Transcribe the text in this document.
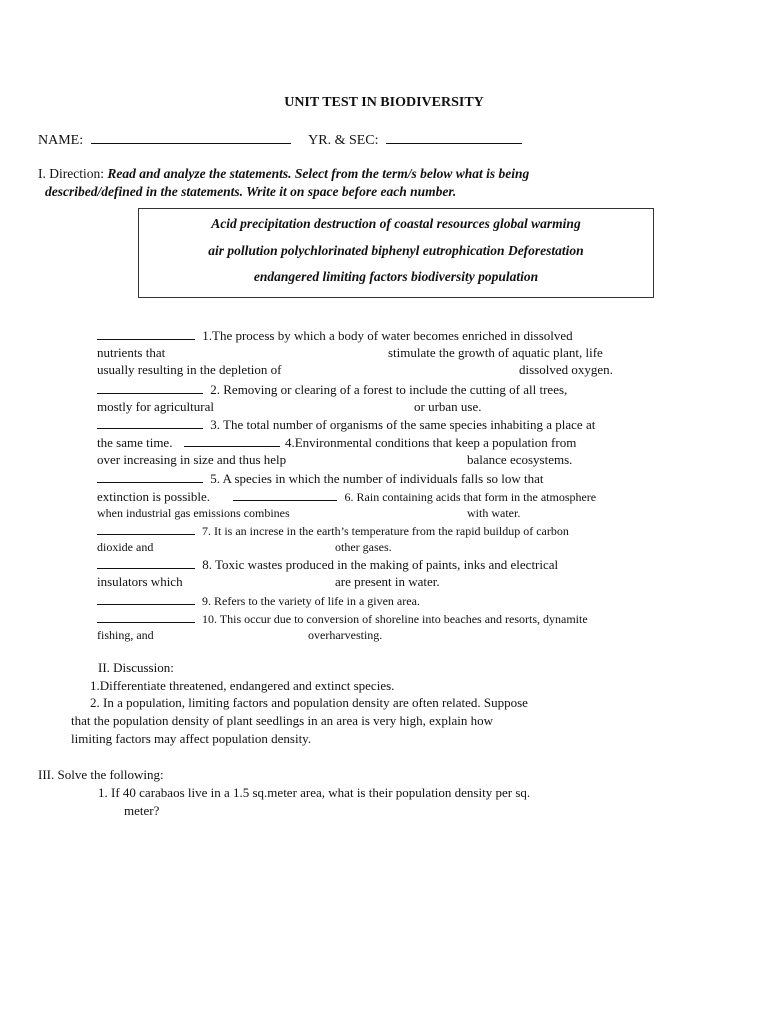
UNIT TEST IN BIODIVERSITY
NAME:	YR. & SEC:
I. Direction: Read and analyze the statements. Select from the term/s below what is being
described/defined in the statements. Write it on space before each number.
Acid precipitation destruction of coastal resources global warming
air pollution polychlorinated biphenyl eutrophication Deforestation
endangered limiting factors biodiversity population
1.The process by which a body of water becomes enriched in dissolved
nutrients that	stimulate the growth of aquatic plant, life
usually resulting in the depletion of	dissolved oxygen.
2. Removing or clearing of a forest to include the cutting of all trees,
mostly for agricultural	or urban use.
3. The total number of organisms of the same species inhabiting a place at
the same time.	4.Environmental conditions that keep a population from
over increasing in size and thus help	balance ecosystems.
5. A species in which the number of individuals falls so low that
extinction is possible.	6. Rain containing acids that form in the atmosphere
when industrial gas emissions combines	with water.
7. It is an increse in the earth’s temperature from the rapid buildup of carbon
dioxide and	other gases.
8. Toxic wastes produced in the making of paints, inks and electrical
insulators which	are present in water.
9. Refers to the variety of life in a given area.
10. This occur due to conversion of shoreline into beaches and resorts, dynamite
fishing, and	overharvesting.
II. Discussion:
1.Differentiate threatened, endangered and extinct species.
2. In a population, limiting factors and population density are often related. Suppose
that the population density of plant seedlings in an area is very high, explain how
limiting factors may affect population density.
III. Solve the following:
1. If 40 carabaos live in a 1.5 sq.meter area, what is their population density per sq.
meter?
